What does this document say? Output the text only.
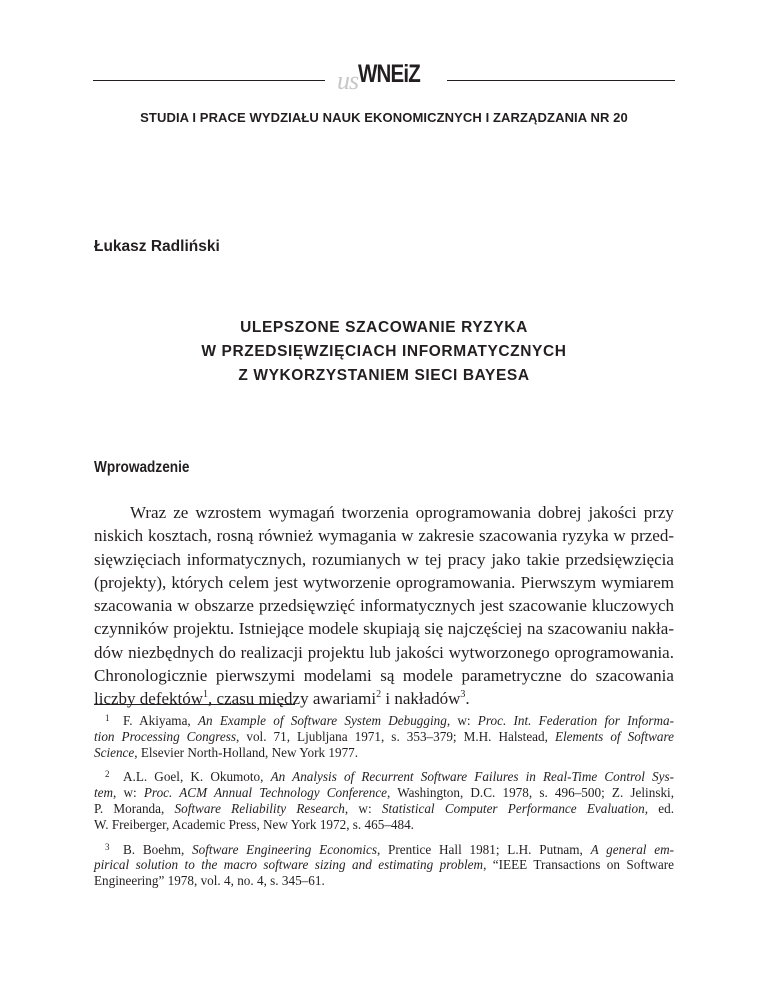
us WNEiZ
STUDIA I PRACE WYDZIAŁU NAUK EKONOMICZNYCH I ZARZĄDZANIA NR 20
Łukasz Radliński
ULEPSZONE SZACOWANIE RYZYKA
W PRZEDSIĘWZIĘCIACH INFORMATYCZNYCH
Z WYKORZYSTANIEM SIECI BAYESA
Wprowadzenie
Wraz ze wzrostem wymagań tworzenia oprogramowania dobrej jakości przy
niskich kosztach, rosną również wymagania w zakresie szacowania ryzyka w przed-
sięwzięciach informatycznych, rozumianych w tej pracy jako takie przedsięwzięcia
(projekty), których celem jest wytworzenie oprogramowania. Pierwszym wymiarem
szacowania w obszarze przedsięwzięć informatycznych jest szacowanie kluczowych
czynników projektu. Istniejące modele skupiają się najczęściej na szacowaniu nakła-
dów niezbędnych do realizacji projektu lub jakości wytworzonego oprogramowania.
Chronologicznie pierwszymi modelami są modele parametryczne do szacowania
liczby defektów$^1$, czasu między awariami$^2$ i nakładów$^3$.
1 F. Akiyama, An Example of Software System Debugging, w: Proc. Int. Federation for Informa-
tion Processing Congress, vol. 71, Ljubljana 1971, s. 353–379; M.H. Halstead, Elements of Software
Science, Elsevier North-Holland, New York 1977.
2 A.L. Goel, K. Okumoto, An Analysis of Recurrent Software Failures in Real-Time Control Sys-
tem, w: Proc. ACM Annual Technology Conference, Washington, D.C. 1978, s. 496–500; Z. Jelinski,
P. Moranda, Software Reliability Research, w: Statistical Computer Performance Evaluation, ed.
W. Freiberger, Academic Press, New York 1972, s. 465–484.
3 B. Boehm, Software Engineering Economics, Prentice Hall 1981; L.H. Putnam, A general em-
pirical solution to the macro software sizing and estimating problem, “IEEE Transactions on Software
Engineering” 1978, vol. 4, no. 4, s. 345–61.
